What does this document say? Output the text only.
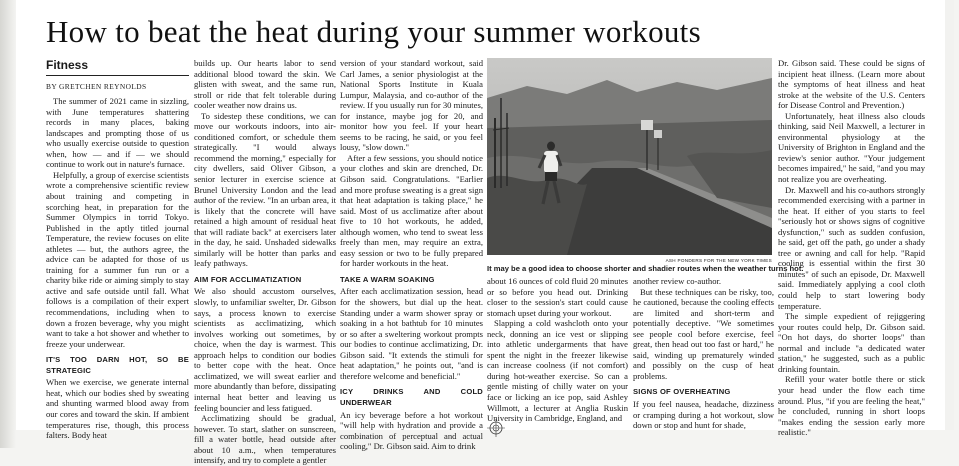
How to beat the heat during your summer workouts
Fitness
BY GRETCHEN REYNOLDS

The summer of 2021 came in sizzling, with June temperatures shattering records in many places, baking landscapes and prompting those of us who usually exercise outside to question when, how — and if — we should continue to work out in nature's furnace.

Helpfully, a group of exercise scientists wrote a comprehensive scientific review about training and competing in scorching heat, in preparation for the Summer Olympics in torrid Tokyo. Published in the aptly titled journal Temperature, the review focuses on elite athletes — but, the authors agree, the advice can be adapted for those of us training for a summer fun run or a charity bike ride or aiming simply to stay active and safe outside until fall. What follows is a compilation of their expert recommendations, including when to down a frozen beverage, why you might want to take a hot shower and whether to freeze your underwear.

IT'S TOO DARN HOT, SO BE STRATEGIC

When we exercise, we generate internal heat, which our bodies shed by sweating and shunting warmed blood away from our cores and toward the skin. If ambient temperatures rise, though, this process falters. Body heat

builds up. Our hearts labor to send additional blood toward the skin. We glisten with sweat, and the same run, stroll or ride that felt tolerable during cooler weather now drains us.

To sidestep these conditions, we can move our workouts indoors, into air-conditioned comfort, or schedule them strategically. "I would always recommend the morning," especially for city dwellers, said Oliver Gibson, a senior lecturer in exercise science at Brunel University London and the lead author of the review. "In an urban area, it is likely that the concrete will have retained a high amount of residual heat that will radiate back" at exercisers later in the day, he said. Unshaded sidewalks similarly will be hotter than parks and leafy pathways.

AIM FOR ACCLIMATIZATION

We also should accustom ourselves, slowly, to unfamiliar swelter, Dr. Gibson says, a process known to exercise scientists as acclimatizing, which involves working out sometimes, by choice, when the day is warmest. This approach helps to condition our bodies to better cope with the heat. Once acclimatized, we will sweat earlier and more abundantly than before, dissipating internal heat better and leaving us feeling bouncier and less fatigued.

Acclimatizing should be gradual, however. To start, slather on sunscreen, fill a water bottle, head outside after about 10 a.m., when temperatures intensify, and try to complete a gentler

version of your standard workout, said Carl James, a senior physiologist at the National Sports Institute in Kuala Lumpur, Malaysia, and co-author of the review. If you usually run for 30 minutes, for instance, maybe jog for 20, and monitor how you feel. If your heart seems to be racing, he said, or you feel lousy, "slow down."

After a few sessions, you should notice your clothes and skin are drenched, Dr. Gibson said. Congratulations. "Earlier and more profuse sweating is a great sign that heat adaptation is taking place," he said. Most of us acclimatize after about five to 10 hot workouts, he added, although women, who tend to sweat less freely than men, may require an extra, easy session or two to be fully prepared for harder workouts in the heat.

TAKE A WARM SOAKING

After each acclimatization session, head for the showers, but dial up the heat. Standing under a warm shower spray or soaking in a hot bathtub for 10 minutes or so after a sweltering workout prompts our bodies to continue acclimatizing, Dr. Gibson said. "It extends the stimuli for heat adaptation," he points out, "and is therefore welcome and beneficial."

ICY DRINKS AND COLD UNDERWEAR

An icy beverage before a hot workout "will help with hydration and provide a combination of perceptual and actual cooling," Dr. Gibson said. Aim to drink

ASH PONDERS FOR THE NEW YORK TIMES
It may be a good idea to choose shorter and shadier routes when the weather turns hot.

about 16 ounces of cold fluid 20 minutes or so before you head out. Drinking closer to the session's start could cause stomach upset during your workout.

Slapping a cold washcloth onto your neck, donning an ice vest or slipping into athletic undergarments that have spent the night in the freezer likewise can increase coolness (if not comfort) during hot-weather exercise. So can a gentle misting of chilly water on your face or licking an ice pop, said Ashley Willmott, a lecturer at Anglia Ruskin University in Cambridge, England, and

another review co-author.

But these techniques can be risky, too, he cautioned, because the cooling effects are limited and short-term and potentially deceptive. "We sometimes see people cool before exercise, feel great, then head out too fast or hard," he said, winding up prematurely winded and possibly on the cusp of heat problems.

SIGNS OF OVERHEATING

If you feel nausea, headache, dizziness or cramping during a hot workout, slow down or stop and hunt for shade,

Dr. Gibson said. These could be signs of incipient heat illness. (Learn more about the symptoms of heat illness and heat stroke at the website of the U.S. Centers for Disease Control and Prevention.)

Unfortunately, heat illness also clouds thinking, said Neil Maxwell, a lecturer in environmental physiology at the University of Brighton in England and the review's senior author. "Your judgement becomes impaired," he said, "and you may not realize you are overheating.

Dr. Maxwell and his co-authors strongly recommended exercising with a partner in the heat. If either of you starts to feel "seriously hot or shows signs of cognitive dysfunction," such as sudden confusion, he said, get off the path, go under a shady tree or awning and call for help. "Rapid cooling is essential within the first 30 minutes" of such an episode, Dr. Maxwell said. Immediately applying a cool cloth could help to start lowering body temperature.

The simple expedient of rejiggering your routes could help, Dr. Gibson said. "On hot days, do shorter loops" than normal and include "a dedicated water station," he suggested, such as a public drinking fountain.

Refill your water bottle there or stick your head under the flow each time around. Plus, "if you are feeling the heat," he concluded, running in short loops "makes ending the session early more realistic."
